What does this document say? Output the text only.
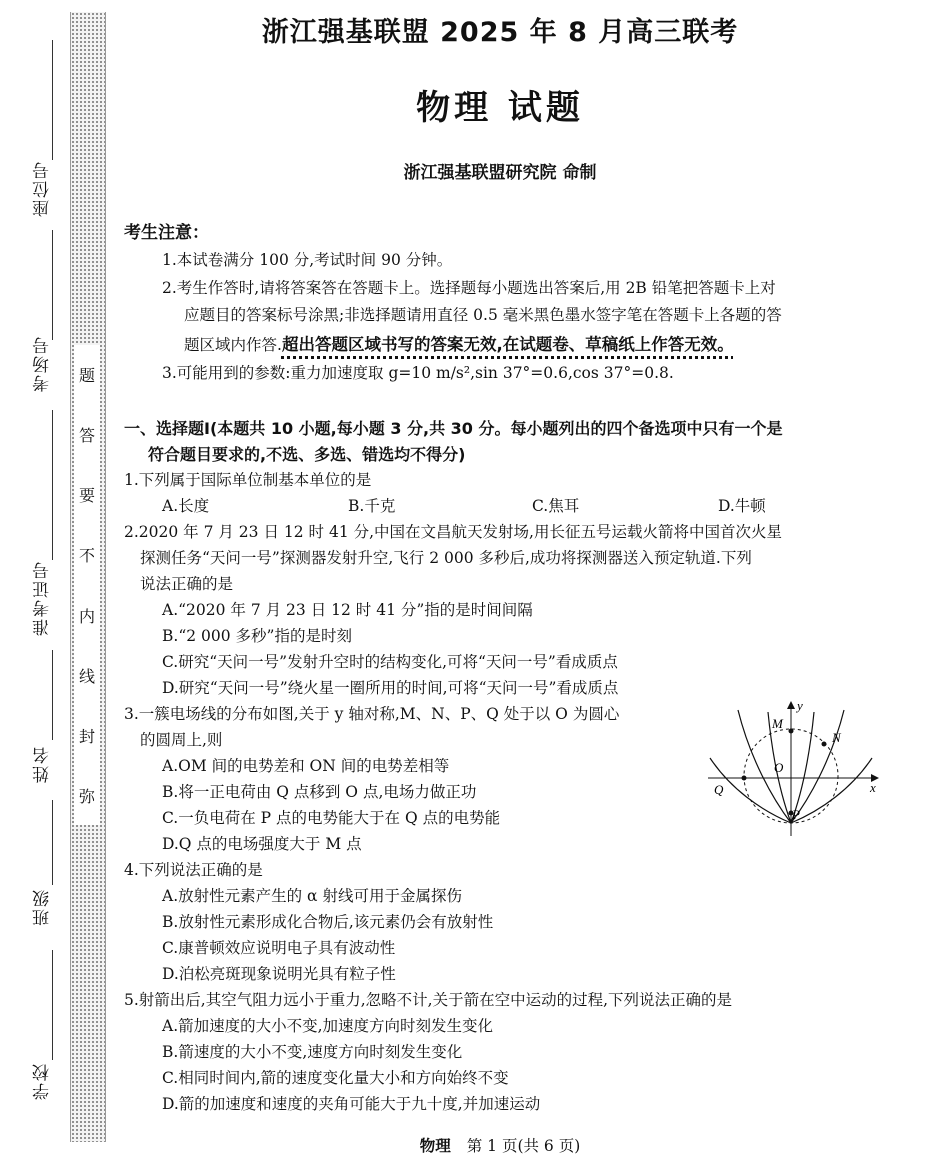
座位号
考场号
准考证号
姓名
班级
学校
题
答
要
不
内
线
封
弥
浙江强基联盟 2025 年 8 月高三联考
物理 试题
浙江强基联盟研究院 命制
考生注意：
1.本试卷满分 100 分,考试时间 90 分钟。
2.考生作答时,请将答案答在答题卡上。选择题每小题选出答案后,用 2B 铅笔把答题卡上对
应题目的答案标号涂黑;非选择题请用直径 0.5 毫米黑色墨水签字笔在答题卡上各题的答
题区域内作答.超出答题区域书写的答案无效,在试题卷、草稿纸上作答无效。
3.可能用到的参数:重力加速度取 g=10 m/s²,sin 37°=0.6,cos 37°=0.8.
一、选择题Ⅰ(本题共 10 小题,每小题 3 分,共 30 分。每小题列出的四个备选项中只有一个是
符合题目要求的,不选、多选、错选均不得分)
1.下列属于国际单位制基本单位的是
A.长度	B.千克	C.焦耳	D.牛顿
2.2020 年 7 月 23 日 12 时 41 分,中国在文昌航天发射场,用长征五号运载火箭将中国首次火星
探测任务“天问一号”探测器发射升空,飞行 2 000 多秒后,成功将探测器送入预定轨道.下列
说法正确的是
A.“2020 年 7 月 23 日 12 时 41 分”指的是时间间隔
B.“2 000 多秒”指的是时刻
C.研究“天问一号”发射升空时的结构变化,可将“天问一号”看成质点
D.研究“天问一号”绕火星一圈所用的时间,可将“天问一号”看成质点
3.一簇电场线的分布如图,关于 y 轴对称,M、N、P、Q 处于以 O 为圆心
的圆周上,则
A.OM 间的电势差和 ON 间的电势差相等
B.将一正电荷由 Q 点移到 O 点,电场力做正功
C.一负电荷在 P 点的电势能大于在 Q 点的电势能
D.Q 点的电场强度大于 M 点
4.下列说法正确的是
A.放射性元素产生的 α 射线可用于金属探伤
B.放射性元素形成化合物后,该元素仍会有放射性
C.康普顿效应说明电子具有波动性
D.泊松亮斑现象说明光具有粒子性
5.射箭出后,其空气阻力远小于重力,忽略不计,关于箭在空中运动的过程,下列说法正确的是
A.箭加速度的大小不变,加速度方向时刻发生变化
B.箭速度的大小不变,速度方向时刻发生变化
C.相同时间内,箭的速度变化量大小和方向始终不变
D.箭的加速度和速度的夹角可能大于九十度,并加速运动
物理 第 1 页(共 6 页)
M
N
O
P
Q	x
y
